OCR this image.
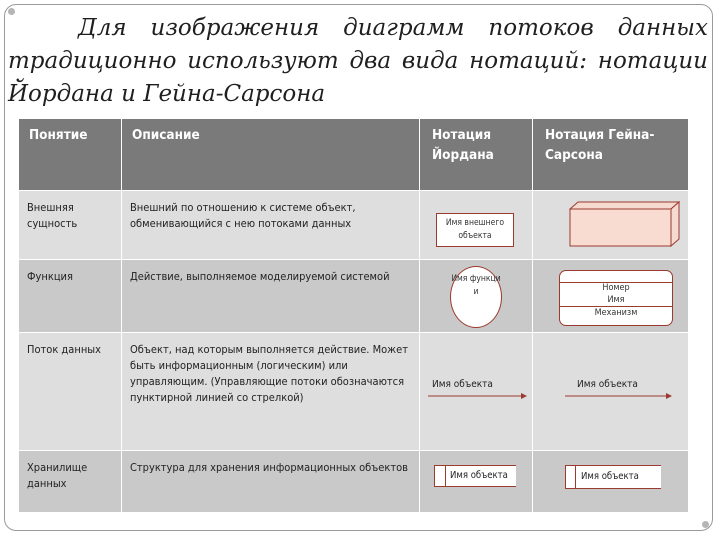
Для изображения диаграмм потоков данных традиционно используют два вида нотаций: нотации Йордана и Гейна-Сарсона
Понятие	Описание	Нотация Йордана	Нотация Гейна-Сарсона
Внешняя сущность	Внешний по отношению к системе объект, обменивающийся с нею потоками данных	Имя внешнего объекта

Функция	Действие, выполняемое моделируемой системой	Имя функци и	Номер
Имя
Механизм

Поток данных	Объект, над которым выполняется действие. Может быть информационным (логическим) или управляющим. (Управляющие потоки обозначаются пунктирной линией со стрелкой)	Имя объекта	Имя объекта

Хранилище данных	Структура для хранения информационных объектов	Имя объекта	Имя объекта
